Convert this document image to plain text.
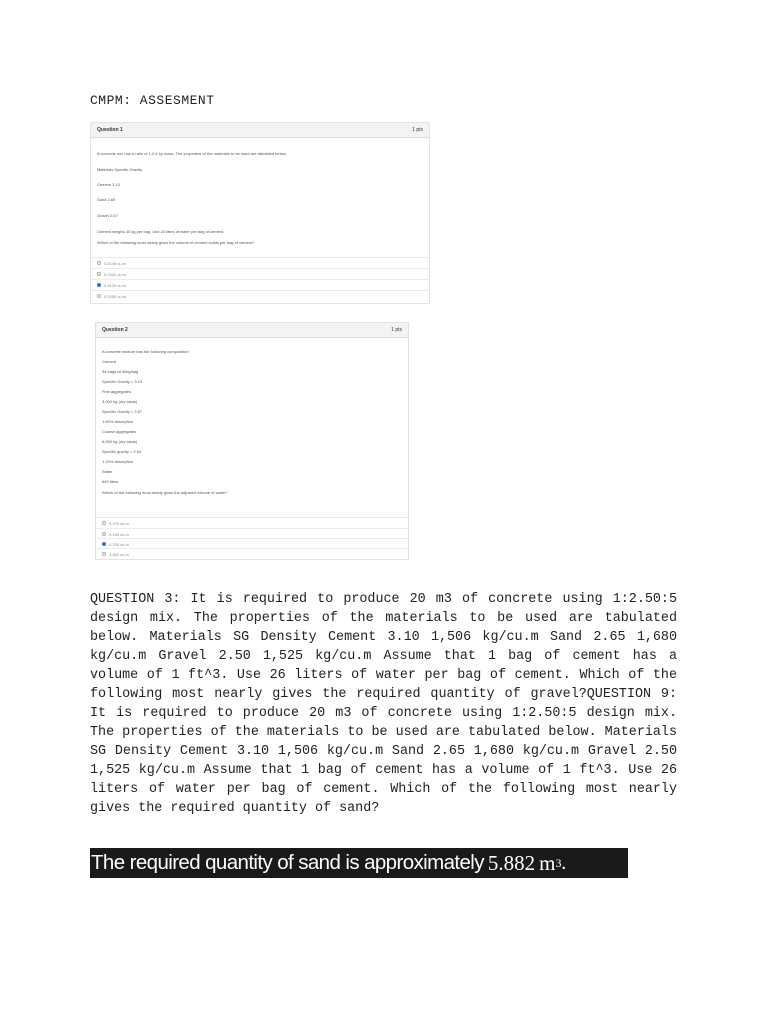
CMPM: ASSESMENT
Question 1	1 pts
A concrete mix has a ratio of 1:2:4 by mass. The properties of the materials to be used are tabulated below.
Materials Specific Gravity
Cement 3.15
Sand 2.65
Gravel 2.67
Cement weighs 40 kg per bag. Use 24 liters of water per bag of cement.
Which of the following most nearly gives the volume of cement solids per bag of cement?
0.0145 cu.m
0.0420 cu.m
0.0120 cu.m
0.0250 cu.m
Question 2	1 pts
A concrete mixture has the following composition:
Cement
34 bags at 40kg/bag
Specific Gravity = 3.15
Fine aggregates
3,000 kg (dry basis)
Specific Gravity = 2.67
1.60% absorption
Coarse aggregates
6,060 kg (dry basis)
Specific gravity = 2.64
1.20% absorption
Water
640 liters
Which of the following most nearly gives the adjusted volume of water?
5.376 cu.m
5.189 cu.m
4.750 cu.m
4.460 cu.m

QUESTION 3: It is required to produce 20 m3 of concrete using 1:2.50:5 design mix. The properties of the materials to be used are tabulated below. Materials SG Density Cement 3.10 1,506 kg/cu.m Sand 2.65 1,680 kg/cu.m Gravel 2.50 1,525 kg/cu.m Assume that 1 bag of cement has a volume of 1 ft^3. Use 26 liters of water per bag of cement. Which of the following most nearly gives the required quantity of gravel?QUESTION 9: It is required to produce 20 m3 of concrete using 1:2.50:5 design mix. The properties of the materials to be used are tabulated below. Materials SG Density Cement 3.10 1,506 kg/cu.m Sand 2.65 1,680 kg/cu.m Gravel 2.50 1,525 kg/cu.m Assume that 1 bag of cement has a volume of 1 ft^3. Use 26 liters of water per bag of cement. Which of the following most nearly gives the required quantity of sand?

The required quantity of sand is approximately 5.882 m 3 .
